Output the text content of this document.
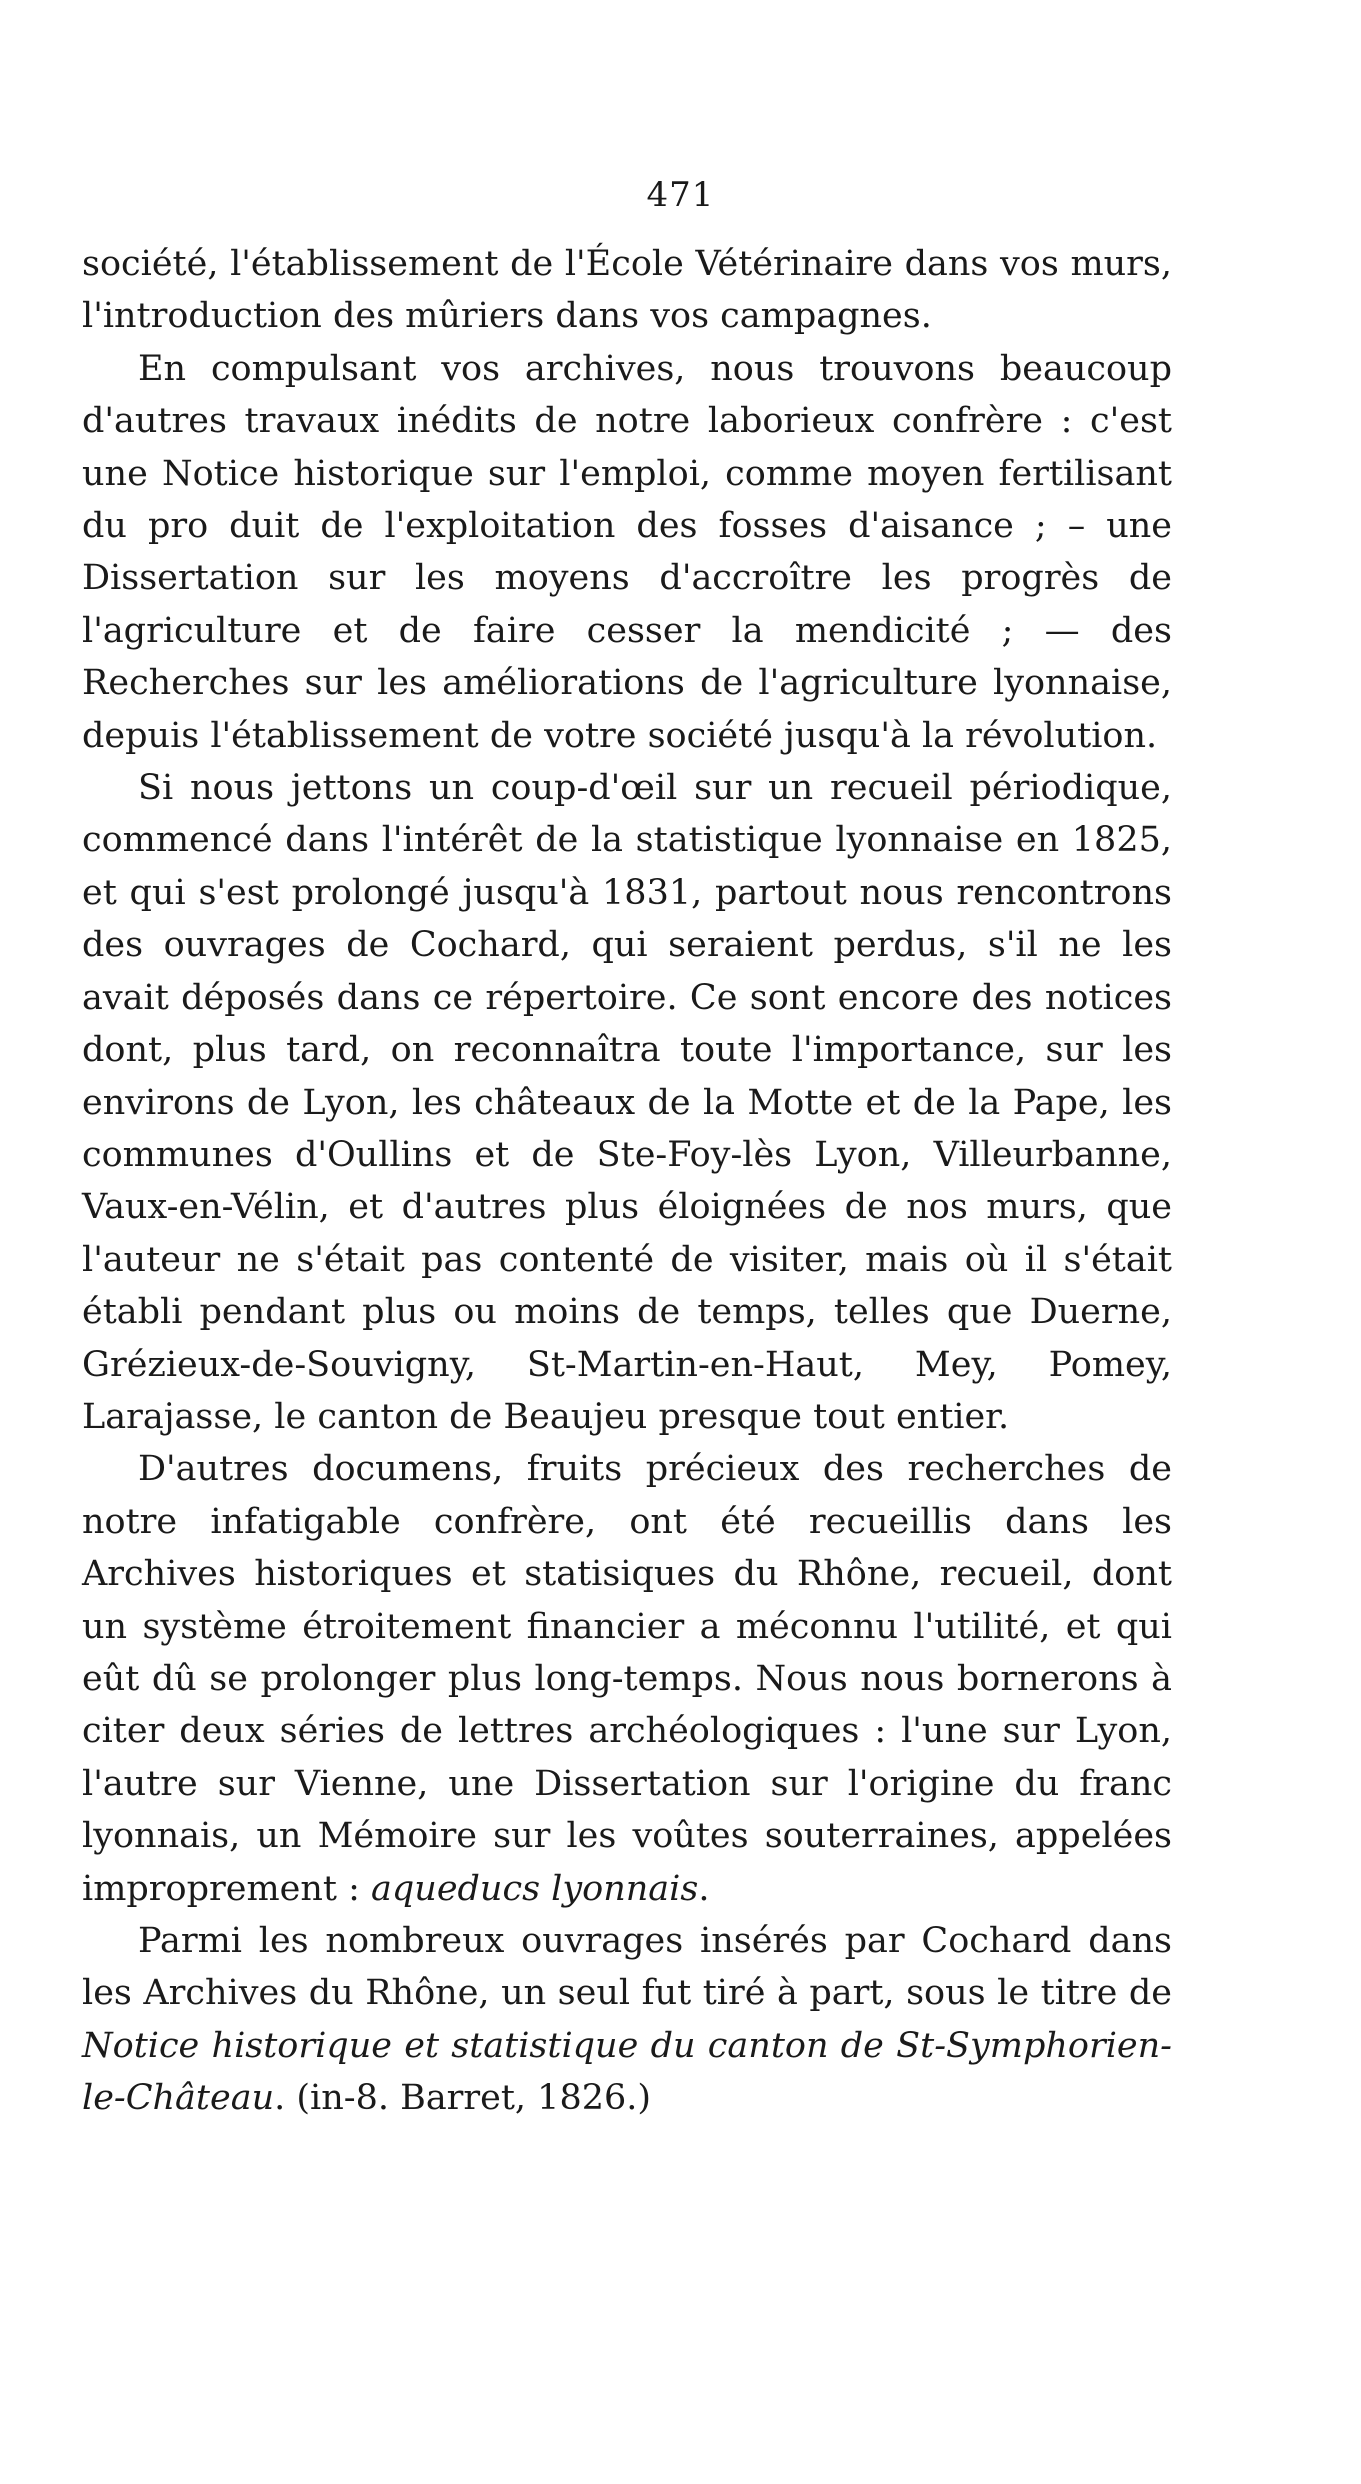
471

société, l'établissement de l'École Vétérinaire dans vos murs, l'introduction des mûriers dans vos campagnes.

En compulsant vos archives, nous trouvons beaucoup d'autres travaux inédits de notre laborieux confrère : c'est une Notice historique sur l'emploi, comme moyen fertilisant du pro duit de l'exploitation des fosses d'aisance ; – une Dissertation sur les moyens d'accroître les progrès de l'agriculture et de faire cesser la mendicité ; — des Recherches sur les améliorations de l'agriculture lyonnaise, depuis l'établissement de votre société jusqu'à la révolution.

Si nous jettons un coup-d'œil sur un recueil périodique, commencé dans l'intérêt de la statistique lyonnaise en 1825, et qui s'est prolongé jusqu'à 1831, partout nous rencontrons des ouvrages de Cochard, qui seraient perdus, s'il ne les avait déposés dans ce répertoire. Ce sont encore des notices dont, plus tard, on reconnaîtra toute l'importance, sur les environs de Lyon, les châteaux de la Motte et de la Pape, les communes d'Oullins et de Ste-Foy-lès Lyon, Villeurbanne, Vaux-en-Vélin, et d'autres plus éloignées de nos murs, que l'auteur ne s'était pas contenté de visiter, mais où il s'était établi pendant plus ou moins de temps, telles que Duerne, Grézieux-de-Souvigny, St-Martin-en-Haut, Mey, Pomey, Larajasse, le canton de Beaujeu presque tout entier.

D'autres documens, fruits précieux des recherches de notre infatigable confrère, ont été recueillis dans les Archives historiques et statisiques du Rhône, recueil, dont un système étroitement financier a méconnu l'utilité, et qui eût dû se prolonger plus long-temps. Nous nous bornerons à citer deux séries de lettres archéologiques : l'une sur Lyon, l'autre sur Vienne, une Dissertation sur l'origine du franc lyonnais, un Mémoire sur les voûtes souterraines, appelées improprement : aqueducs lyonnais.

Parmi les nombreux ouvrages insérés par Cochard dans les Archives du Rhône, un seul fut tiré à part, sous le titre de Notice historique et statistique du canton de St-Symphorien-le-Château. (in-8. Barret, 1826.)
